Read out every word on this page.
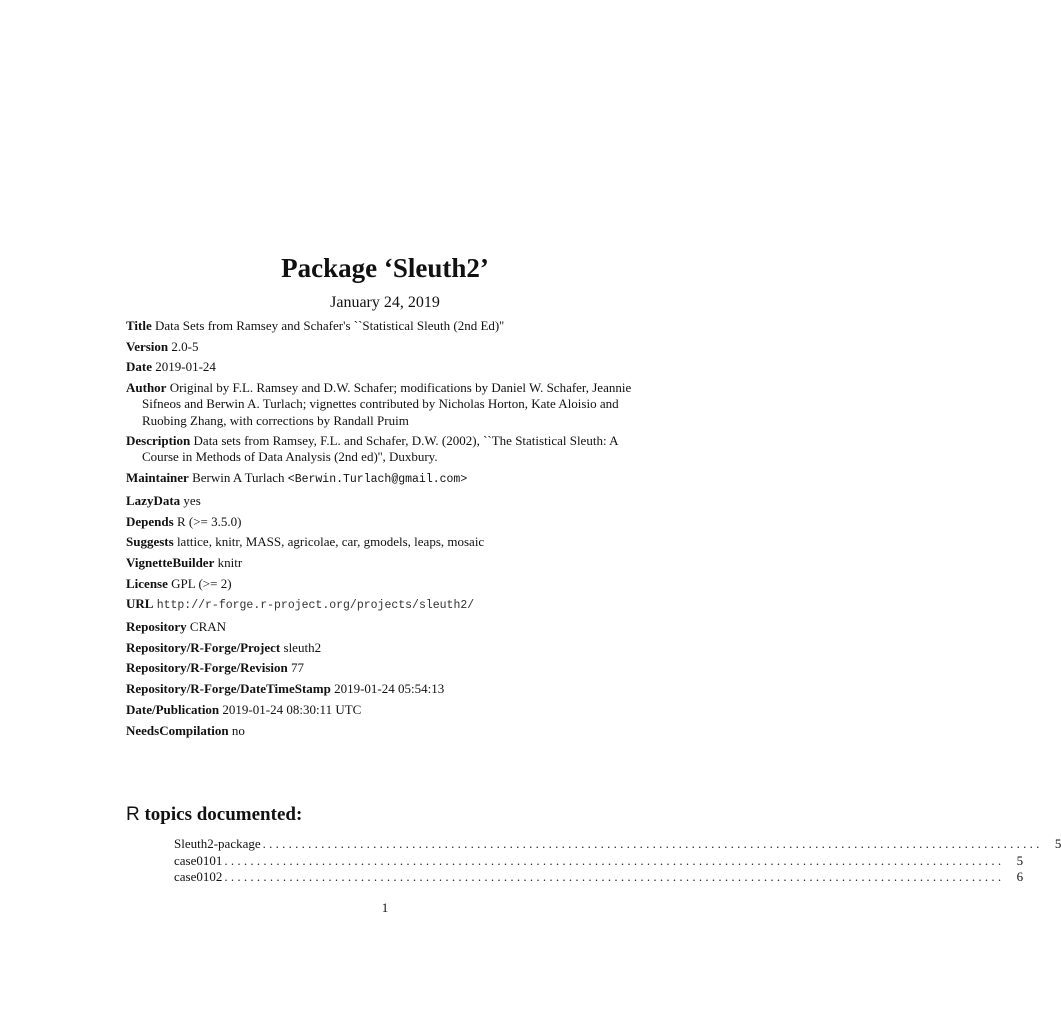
Package ‘Sleuth2’
January 24, 2019
Title Data Sets from Ramsey and Schafer's ``Statistical Sleuth (2nd Ed)''
Version 2.0-5
Date 2019-01-24
Author Original by F.L. Ramsey and D.W. Schafer; modifications by Daniel W. Schafer, Jeannie Sifneos and Berwin A. Turlach; vignettes contributed by Nicholas Horton, Kate Aloisio and Ruobing Zhang, with corrections by Randall Pruim
Description Data sets from Ramsey, F.L. and Schafer, D.W. (2002), ``The Statistical Sleuth: A Course in Methods of Data Analysis (2nd ed)'', Duxbury.
Maintainer Berwin A Turlach <Berwin.Turlach@gmail.com>
LazyData yes
Depends R (>= 3.5.0)
Suggests lattice, knitr, MASS, agricolae, car, gmodels, leaps, mosaic
VignetteBuilder knitr
License GPL (>= 2)
URL http://r-forge.r-project.org/projects/sleuth2/
Repository CRAN
Repository/R-Forge/Project sleuth2
Repository/R-Forge/Revision 77
Repository/R-Forge/DateTimeStamp 2019-01-24 05:54:13
Date/Publication 2019-01-24 08:30:11 UTC
NeedsCompilation no
R topics documented:
Sleuth2-package . . . . . . . . . . . . . . . . . . . . . . . . . . . . . . . . . . . . . . . . . . . . . . . . . . . . . . . . . . . . . . . . . . . . . . . . . . . . . . . . . . . . . . . . . . . . . . . . . . . . . . . . . . . . . . . . . . . . . . . .	5
case0101 . . . . . . . . . . . . . . . . . . . . . . . . . . . . . . . . . . . . . . . . . . . . . . . . . . . . . . . . . . . . . . . . . . . . . . . . . . . . . . . . . . . . . . . . . . . . . . . . . . . . . . . . . . . . . . . . . . . . . . . .	5
case0102 . . . . . . . . . . . . . . . . . . . . . . . . . . . . . . . . . . . . . . . . . . . . . . . . . . . . . . . . . . . . . . . . . . . . . . . . . . . . . . . . . . . . . . . . . . . . . . . . . . . . . . . . . . . . . . . . . . . . . . . .	6
1
